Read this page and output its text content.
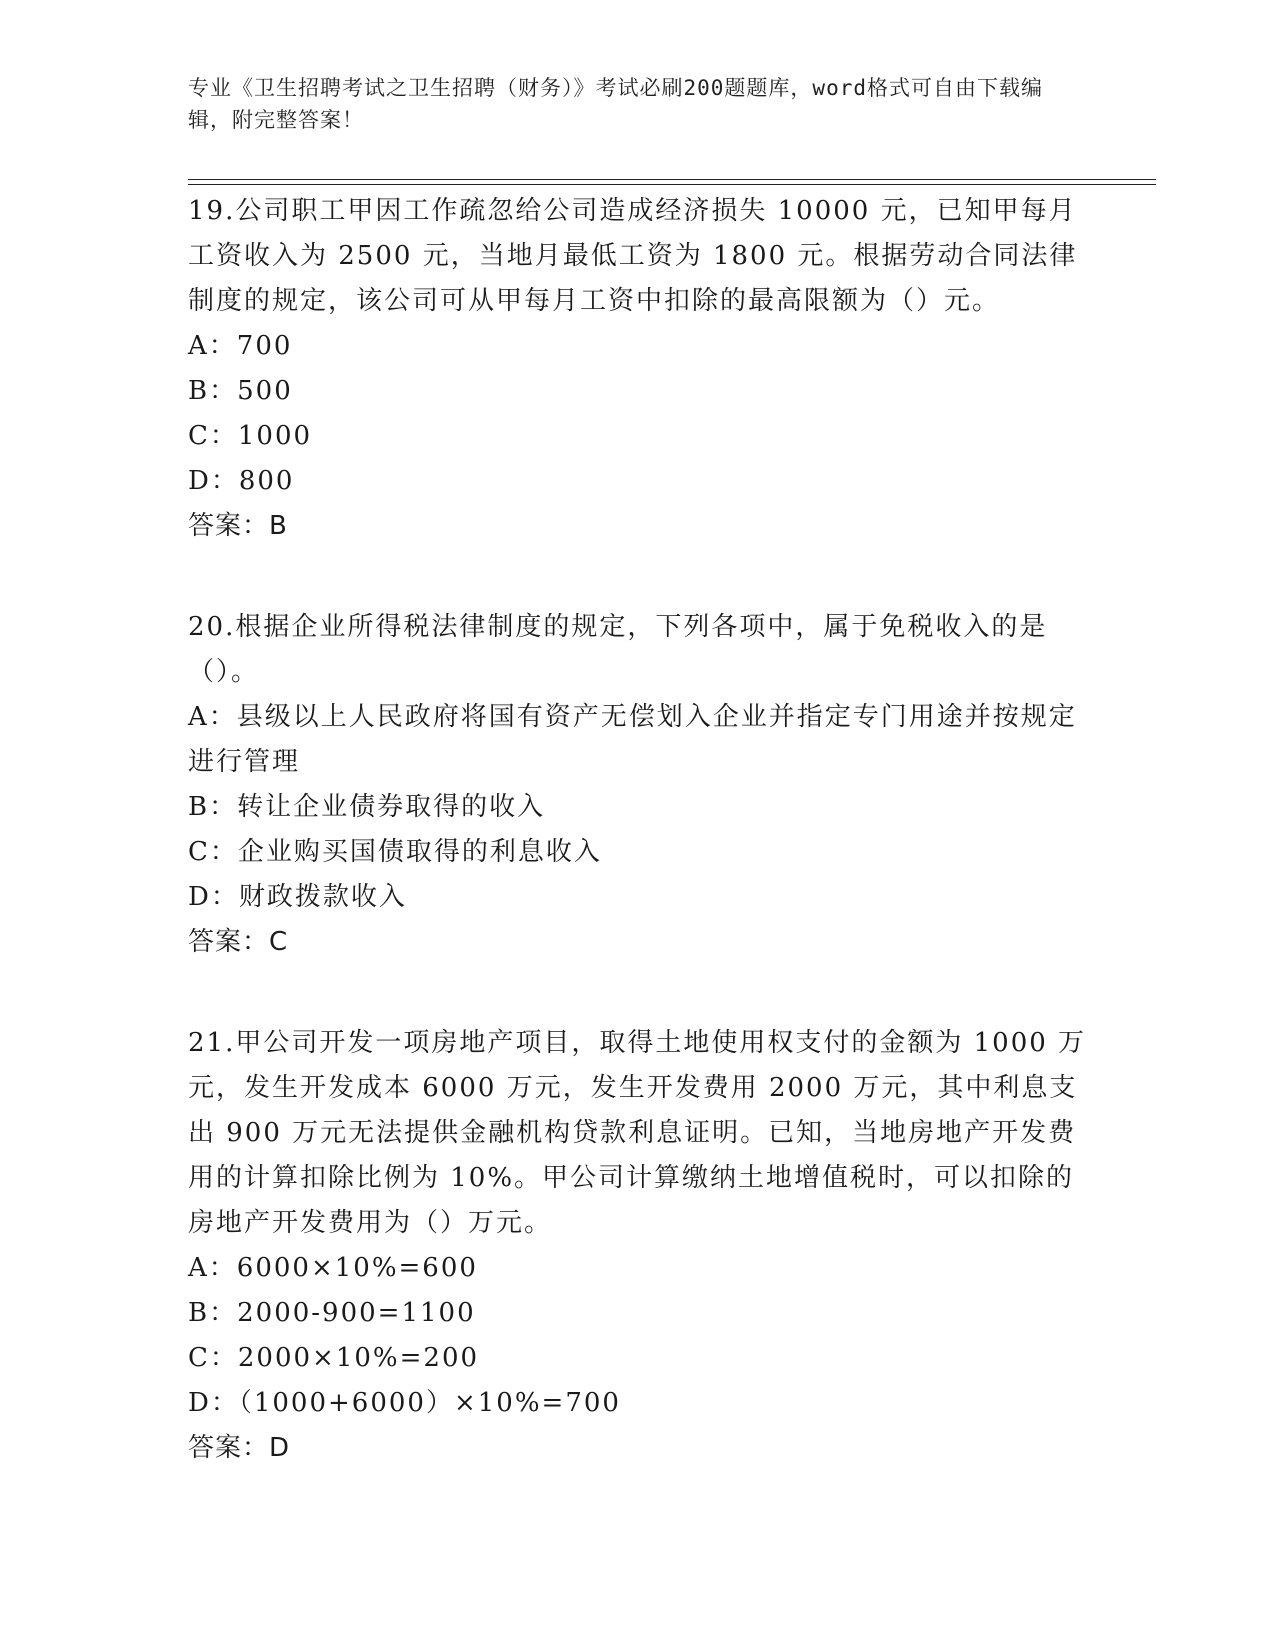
专业《卫生招聘考试之卫生招聘（财务）》考试必刷200题题库，word格式可自由下载编辑，附完整答案！

19.公司职工甲因工作疏忽给公司造成经济损失 10000 元，已知甲每月工资收入为 2500 元，当地月最低工资为 1800 元。根据劳动合同法律制度的规定，该公司可从甲每月工资中扣除的最高限额为（）元。

A：700

B：500

C：1000

D：800

答案：B

20.根据企业所得税法律制度的规定，下列各项中，属于免税收入的是（）。

A：县级以上人民政府将国有资产无偿划入企业并指定专门用途并按规定进行管理

B：转让企业债券取得的收入

C：企业购买国债取得的利息收入

D：财政拨款收入

答案：C

21.甲公司开发一项房地产项目，取得土地使用权支付的金额为 1000 万元，发生开发成本 6000 万元，发生开发费用 2000 万元，其中利息支出 900 万元无法提供金融机构贷款利息证明。已知，当地房地产开发费用的计算扣除比例为 10%。甲公司计算缴纳土地增值税时，可以扣除的房地产开发费用为（）万元。

A：6000×10%=600

B：2000-900=1100

C：2000×10%=200

D：（1000+6000）×10%=700

答案：D
